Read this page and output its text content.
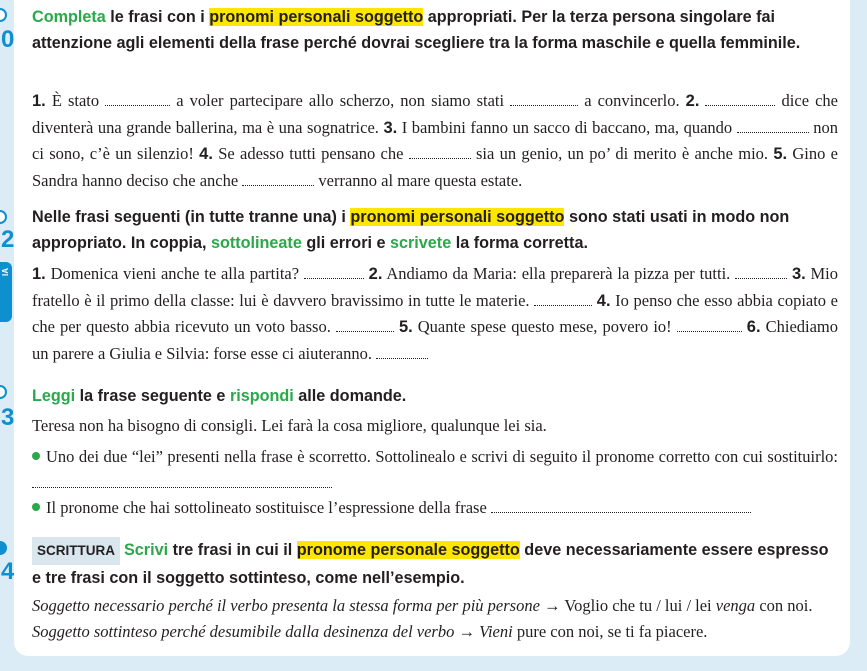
0
2
IA
3
4

Completa le frasi con i pronomi personali soggetto appropriati. Per la terza persona singolare fai attenzione agli elementi della frase perché dovrai scegliere tra la forma maschile e quella femminile.

1. È stato	a voler partecipare allo scherzo, non siamo stati	a convincerlo. 2.	dice che diventerà una grande ballerina, ma è una sognatrice. 3. I bambini fanno un sacco di baccano, ma, quando	non ci sono, c’è un silenzio! 4. Se adesso tutti pensano che	sia un genio, un po’ di merito è anche mio. 5. Gino e Sandra hanno deciso che anche	verranno al mare questa estate.

Nelle frasi seguenti (in tutte tranne una) i pronomi personali soggetto sono stati usati in modo non appropriato. In coppia, sottolineate gli errori e scrivete la forma corretta.

1. Domenica vieni anche te alla partita?	2. Andiamo da Maria: ella preparerà la pizza per tutti.	3. Mio fratello è il primo della classe: lui è davvero bravissimo in tutte le materie.	4. Io penso che esso abbia copiato e che per questo abbia ricevuto un voto basso.	5. Quante spese questo mese, povero io!	6. Chiediamo un parere a Giulia e Silvia: forse esse ci aiuteranno.

Leggi la frase seguente e rispondi alle domande.

Teresa non ha bisogno di consigli. Lei farà la cosa migliore, qualunque lei sia.

Uno dei due “lei” presenti nella frase è scorretto. Sottolinealo e scrivi di seguito il pronome corretto con cui sostituirlo:

Il pronome che hai sottolineato sostituisce l’espressione della frase

SCRITTURA Scrivi tre frasi in cui il pronome personale soggetto deve necessariamente essere espresso e tre frasi con il soggetto sottinteso, come nell’esempio.

Soggetto necessario perché il verbo presenta la stessa forma per più persone → Voglio che tu / lui / lei venga con noi.

Soggetto sottinteso perché desumibile dalla desinenza del verbo → Vieni pure con noi, se ti fa piacere.
